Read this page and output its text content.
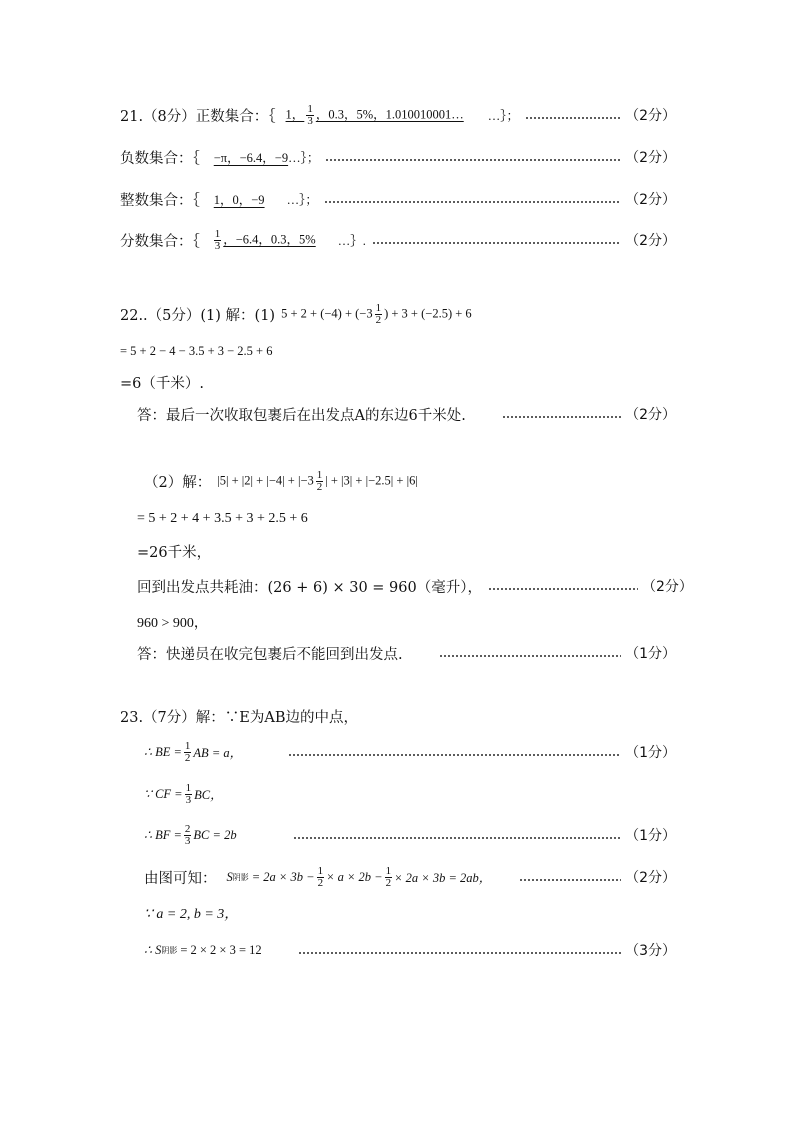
21.（8分）正数集合：｛ 1， $\frac{1}{3}$ ，0.3，5%，1.010010001…	…｝；	（2分）
负数集合：｛ −π，−6.4，−9 …｝；	（2分）
整数集合：｛ 1，0，−9	…｝；	（2分）
分数集合：｛ $\frac{1}{3}$ ，−6.4，0.3，5%	…｝.	（2分）
22..（5分）(1) 解：(1) $5 + 2 + (-4) + (-3 \frac{1}{2}$ ) + 3 + (−2.5) + 6
= 5 + 2 − 4 − 3.5 + 3 − 2.5 + 6
=6（千米）.
答：最后一次收取包裹后在出发点A的东边6千米处.	（2分）
（2）解： $|5| + |2| + |-4| + |-3 \frac{1}{2}$ | + |3| + |−2.5| + |6|
= 5 + 2 + 4 + 3.5 + 3 + 2.5 + 6
=26千米，
回到出发点共耗油：(26 + 6) × 30 = 960（毫升），	（2分）
960 > 900，
答：快递员在收完包裹后不能回到出发点.	（1分）
23.（7分）解：∵E为AB边的中点，
∴ BE = $\frac{1}{2}$ AB = a，	（1分）
∵ CF = $\frac{1}{3}$ BC，
∴ BF = $\frac{2}{3}$ BC = 2b	（1分）
由图可知： S 阴影 = $2a \times 3b - \frac{1}{2} \times a \times 2b - \frac{1}{2} \times 2a \times 3b = 2ab$，	（2分）
∵ a = 2, b = 3，
∴ S 阴影 = 2 × 2 × 3 = 12	（3分）
